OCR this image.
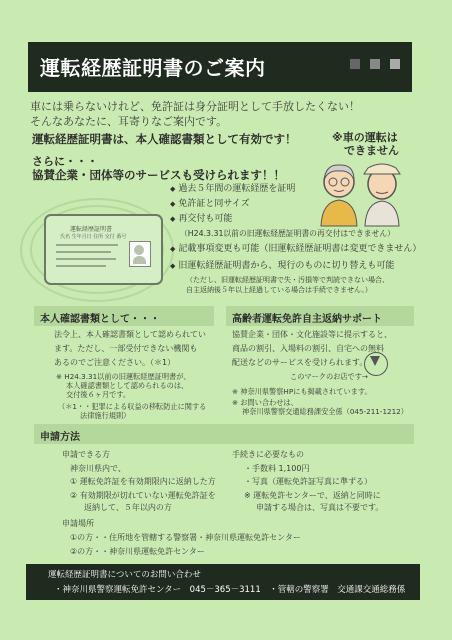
運転経歴証明書のご案内
車には乗らないけれど、免許証は身分証明として手放したくない！
そんなあなたに、耳寄りなご案内です。
運転経歴証明書は、本人確認書類として有効です！	※車の運転は
できません
さらに・・・
協賛企業・団体等のサービスも受けられます！！
運転経歴証明書
氏名 生年月日 住所 交付 番号
◆ 過去５年間の運転経歴を証明
◆ 免許証と同サイズ
◆ 再交付も可能
（H24.3.31以前の旧運転経歴証明書の再交付はできません）
◆ 記載事項変更も可能（旧運転経歴証明書は変更できません）
◆ 旧運転経歴証明書から、現行のものに切り替えも可能
（ただし、旧運転経歴証明書で失・汚損等で判読できない場合、
自主返納後５年以上経過している場合は手続できません。）
本人確認書類として・・・
法令上、本人確認書類として認められてい
ます。ただし、一部受付できない機関も
あるのでご注意ください。（＊1）
※ H24.3.31以前の旧運転経歴証明書が、
本人確認書類として認められるのは、
交付後６ヶ月です。
（＊1・・犯罪による収益の移転防止に関する
法律施行規則）
高齢者運転免許自主返納サポート
協賛企業・団体・文化施設等に提示すると、
商品の割引、入場料の割引、自宅への無料
配送などのサービスを受けられます。
このマークのお店です→
※ 神奈川県警察HPにも掲載されています。
※ お問い合わせは、
神奈川県警察交通総務課安全係（045-211-1212）
申請方法
申請できる方
神奈川県内で、
① 運転免許証を有効期限内に返納した方
② 有効期限が切れていない運転免許証を
返納して、５年以内の方
手続きに必要なもの
・手数料 1,100円
・写真（運転免許証写真に準ずる）
※ 運転免許センターで、返納と同時に
申請する場合は、写真は不要です。
申請場所
①の方・・住所地を管轄する警察署・神奈川県運転免許センター
②の方・・神奈川県運転免許センター
運転経歴証明書についてのお問い合わせ
・神奈川県警察運転免許センター　045－365－3111　・管轄の警察署　交通課交通総務係
